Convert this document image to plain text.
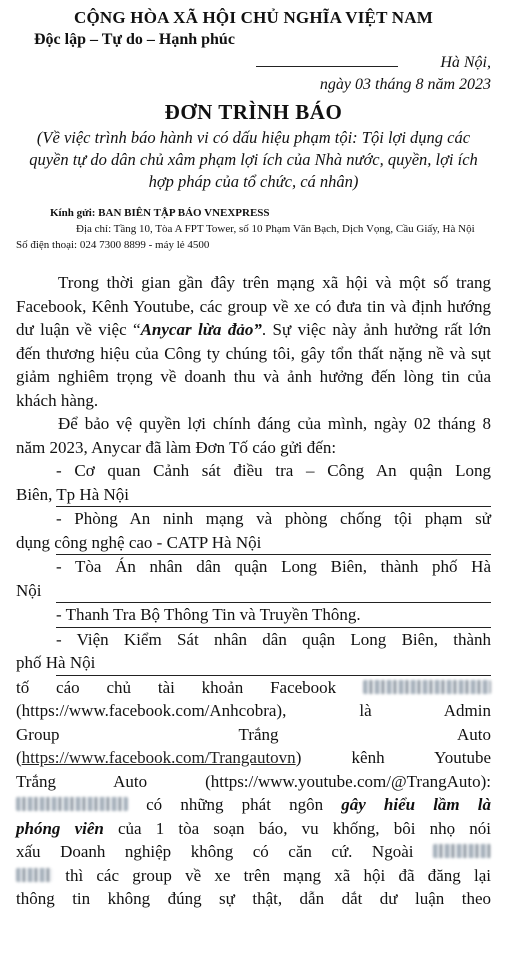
CỘNG HÒA XÃ HỘI CHỦ NGHĨA VIỆT NAM
Độc lập – Tự do – Hạnh phúc
Hà Nội,
ngày 03 tháng 8 năm 2023
ĐƠN TRÌNH BÁO
(Về việc trình báo hành vi có dấu hiệu phạm tội: Tội lợi dụng các quyền tự do dân chủ xâm phạm lợi ích của Nhà nước, quyền, lợi ích hợp pháp của tổ chức, cá nhân)
Kính gửi: BAN BIÊN TẬP BÁO VNEXPRESS
Địa chỉ: Tầng 10, Tòa A FPT Tower, số 10 Phạm Văn Bạch, Dịch Vọng, Cầu Giấy, Hà Nội
Số điện thoại: 024 7300 8899 - máy lẻ 4500

Trong thời gian gần đây trên mạng xã hội và một số trang Facebook, Kênh Youtube, các group về xe có đưa tin và định hướng dư luận về việc “Anycar lừa đảo”. Sự việc này ảnh hưởng rất lớn đến thương hiệu của Công ty chúng tôi, gây tổn thất nặng nề và sụt giảm nghiêm trọng về doanh thu và ảnh hưởng đến lòng tin của khách hàng.

Để bảo vệ quyền lợi chính đáng của mình, ngày 02 tháng 8 năm 2023, Anycar đã làm Đơn Tố cáo gửi đến:

- Cơ quan Cảnh sát điều tra – Công An quận Long
Biên, Tp Hà Nội
- Phòng An ninh mạng và phòng chống tội phạm sử
dụng công nghệ cao - CATP Hà Nội
- Tòa Án nhân dân quận Long Biên, thành phố Hà
Nội
- Thanh Tra Bộ Thông Tin và Truyền Thông.
- Viện Kiểm Sát nhân dân quận Long Biên, thành
phố Hà Nội
tố cáo chủ tài khoản Facebook
(https://www.facebook.com/Anhcobra), là Admin
Group Trắng Auto
(https://www.facebook.com/Trangautovn) kênh Youtube
Trắng Auto (https://www.youtube.com/@TrangAuto):
có những phát ngôn gây hiểu lầm là
phóng viên của 1 tòa soạn báo, vu khống, bôi nhọ nói
xấu Doanh nghiệp không có căn cứ. Ngoài
thì các group về xe trên mạng xã hội đã đăng lại
thông tin không đúng sự thật, dẫn dắt dư luận theo
